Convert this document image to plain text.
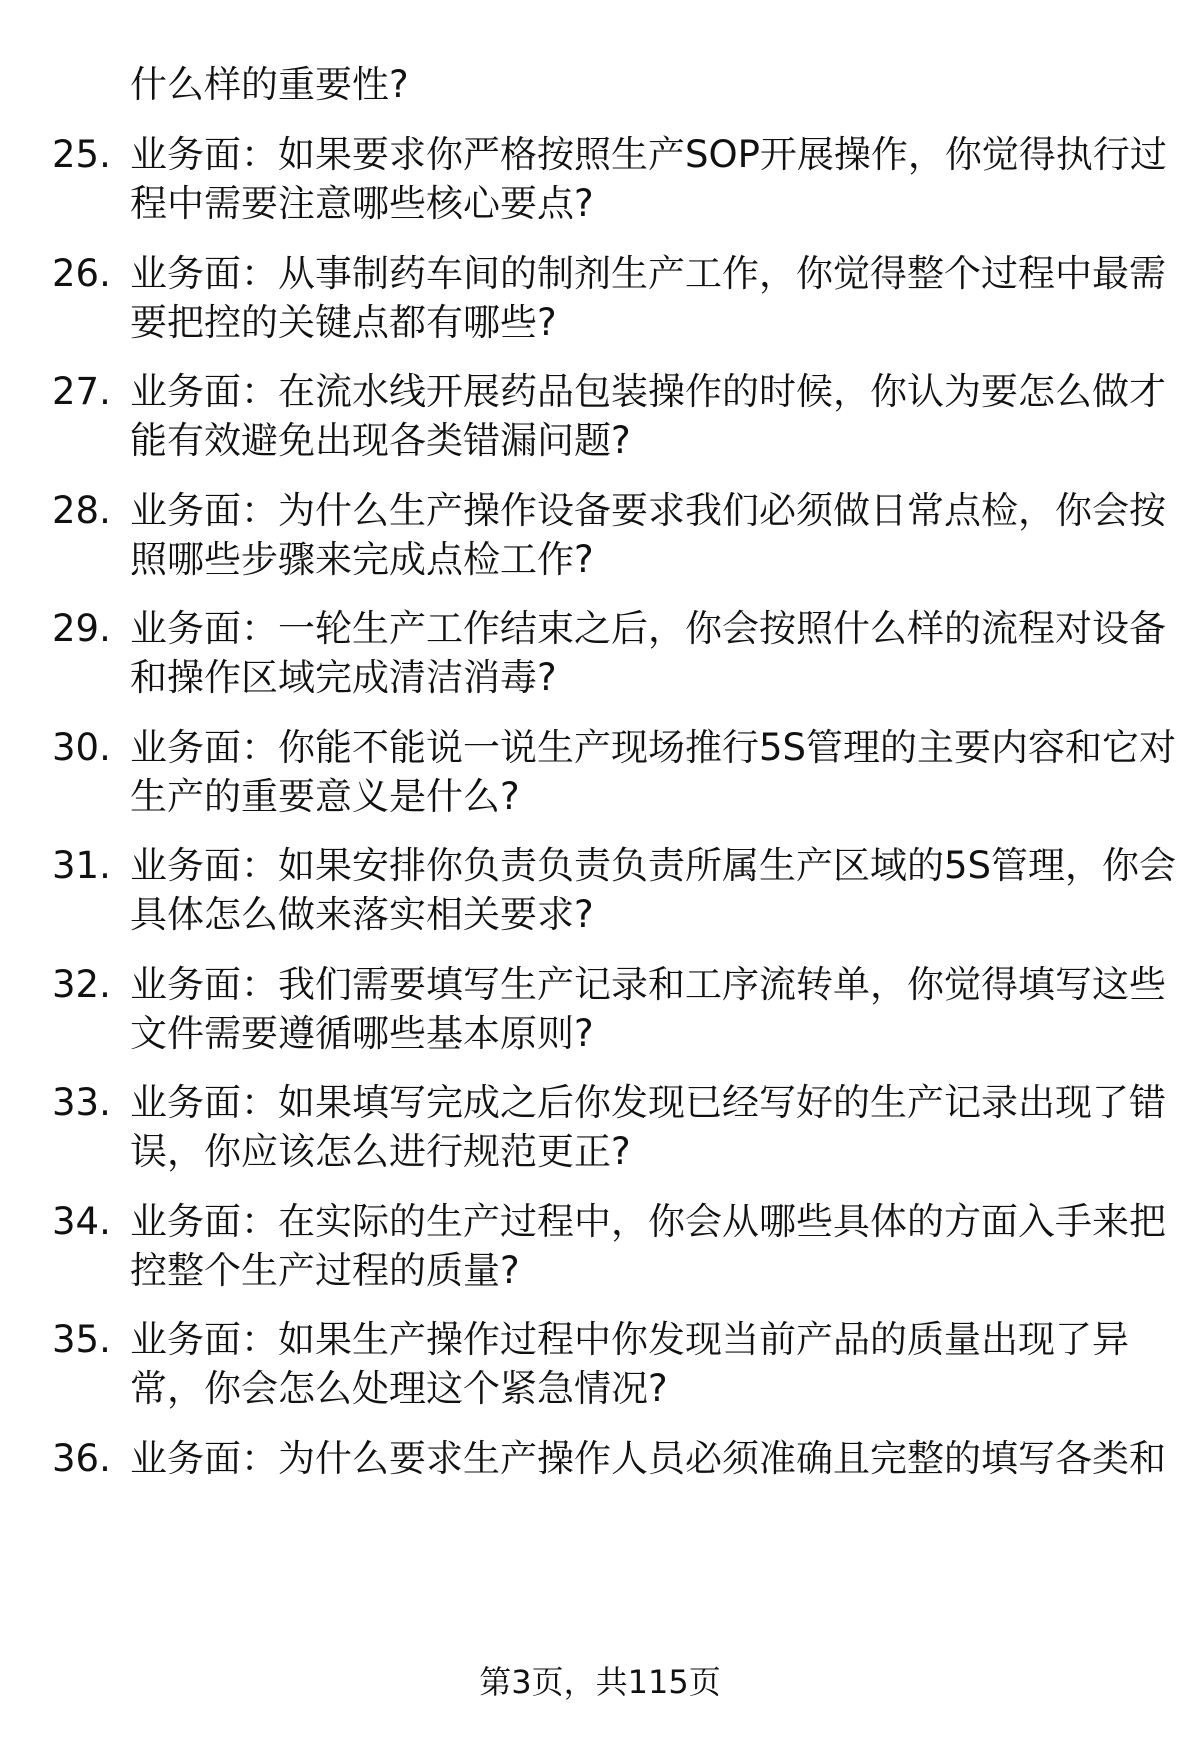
什么样的重要性?
25. 业务面：如果要求你严格按照生产SOP开展操作，你觉得执行过
程中需要注意哪些核心要点?
26. 业务面：从事制药车间的制剂生产工作，你觉得整个过程中最需
要把控的关键点都有哪些?
27. 业务面：在流水线开展药品包装操作的时候，你认为要怎么做才
能有效避免出现各类错漏问题?
28. 业务面：为什么生产操作设备要求我们必须做日常点检，你会按
照哪些步骤来完成点检工作?
29. 业务面：一轮生产工作结束之后，你会按照什么样的流程对设备
和操作区域完成清洁消毒?
30. 业务面：你能不能说一说生产现场推行5S管理的主要内容和它对
生产的重要意义是什么?
31. 业务面：如果安排你负责负责负责所属生产区域的5S管理，你会
具体怎么做来落实相关要求?
32. 业务面：我们需要填写生产记录和工序流转单，你觉得填写这些
文件需要遵循哪些基本原则?
33. 业务面：如果填写完成之后你发现已经写好的生产记录出现了错
误，你应该怎么进行规范更正?
34. 业务面：在实际的生产过程中，你会从哪些具体的方面入手来把
控整个生产过程的质量?
35. 业务面：如果生产操作过程中你发现当前产品的质量出现了异
常，你会怎么处理这个紧急情况?
36. 业务面：为什么要求生产操作人员必须准确且完整的填写各类和
第3页，共115页
